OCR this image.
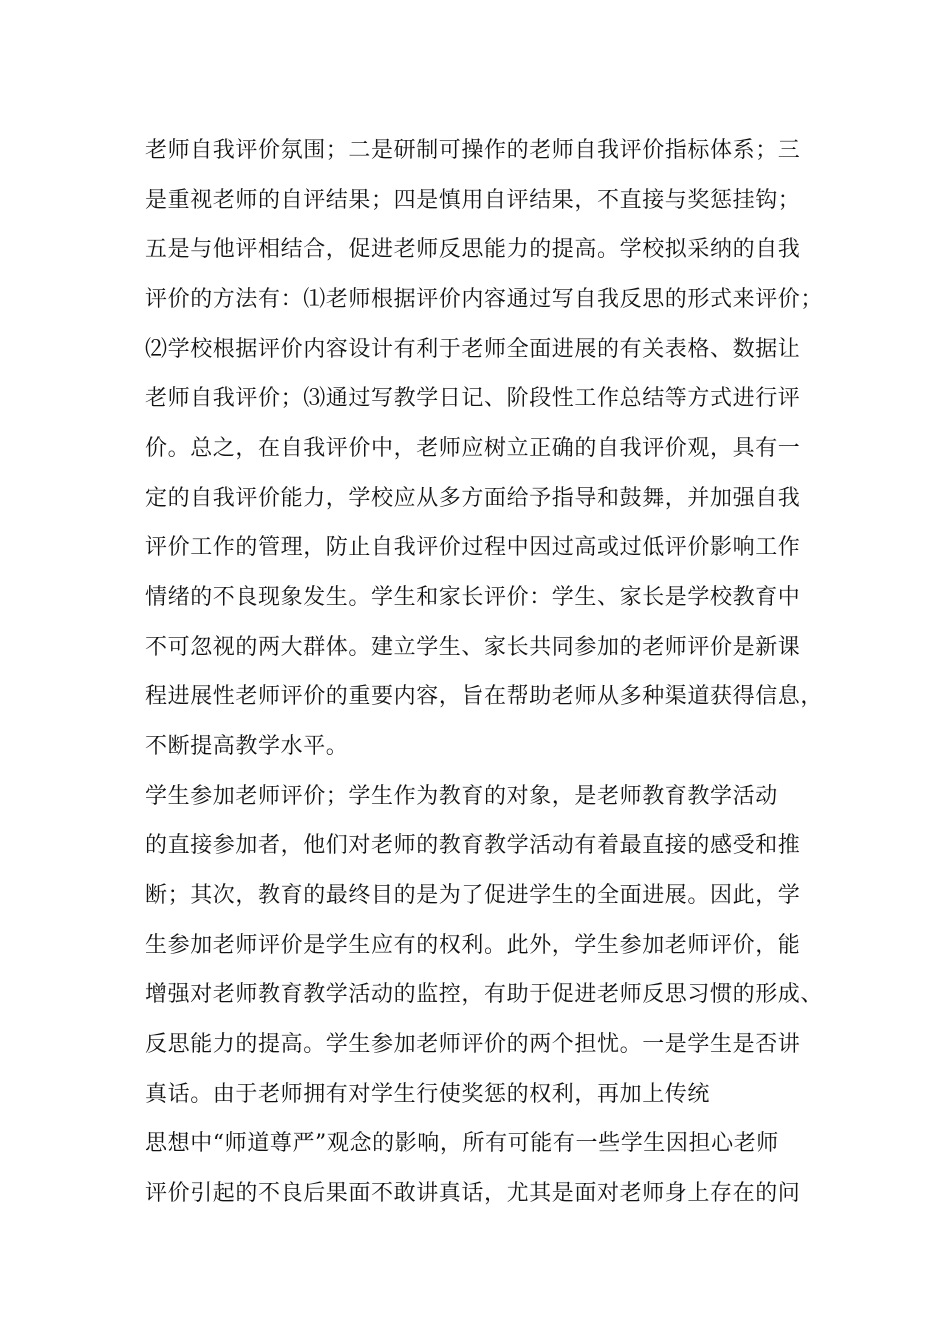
老师自我评价氛围；二是研制可操作的老师自我评价指标体系；三
是重视老师的自评结果；四是慎用自评结果，不直接与奖惩挂钩；
五是与他评相结合，促进老师反思能力的提高。学校拟采纳的自我
评价的方法有：⑴老师根据评价内容通过写自我反思的形式来评价；
⑵学校根据评价内容设计有利于老师全面进展的有关表格、数据让
老师自我评价；⑶通过写教学日记、阶段性工作总结等方式进行评
价。总之，在自我评价中，老师应树立正确的自我评价观，具有一
定的自我评价能力，学校应从多方面给予指导和鼓舞，并加强自我
评价工作的管理，防止自我评价过程中因过高或过低评价影响工作
情绪的不良现象发生。学生和家长评价：学生、家长是学校教育中
不可忽视的两大群体。建立学生、家长共同参加的老师评价是新课
程进展性老师评价的重要内容，旨在帮助老师从多种渠道获得信息，
不断提高教学水平。
学生参加老师评价；学生作为教育的对象，是老师教育教学活动
的直接参加者，他们对老师的教育教学活动有着最直接的感受和推
断；其次，教育的最终目的是为了促进学生的全面进展。因此，学
生参加老师评价是学生应有的权利。此外，学生参加老师评价，能
增强对老师教育教学活动的监控，有助于促进老师反思习惯的形成、
反思能力的提高。学生参加老师评价的两个担忧。一是学生是否讲
真话。由于老师拥有对学生行使奖惩的权利，再加上传统
思想中“师道尊严”观念的影响，所有可能有一些学生因担心老师
评价引起的不良后果面不敢讲真话，尤其是面对老师身上存在的问
